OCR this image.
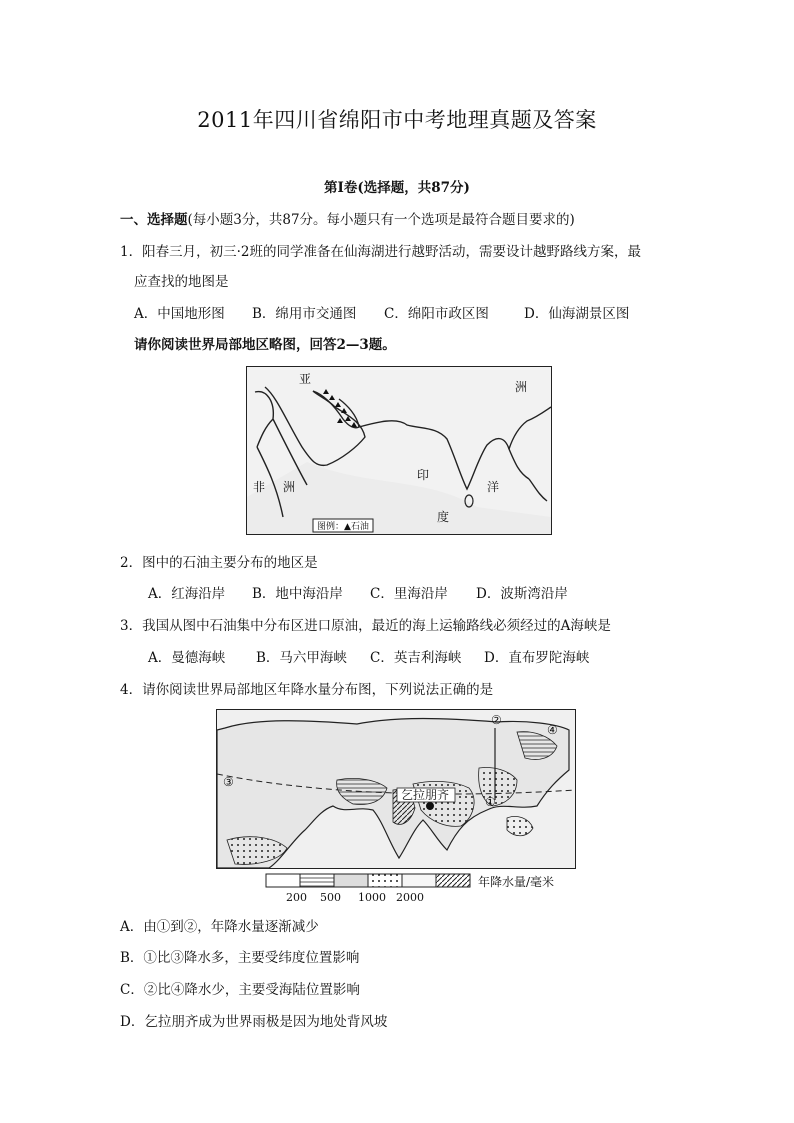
2011年四川省绵阳市中考地理真题及答案
第Ⅰ卷(选择题，共87分)
一、选择题(每小题3分，共87分。每小题只有一个选项是最符合题目要求的)
1．阳春三月，初三·2班的同学准备在仙海湖进行越野活动，需要设计越野路线方案，最
应查找的地图是
A．中国地形图 B．绵用市交通图 C．绵阳市政区图	D．仙海湖景区图
请你阅读世界局部地区略图，回答2—3题。
亚
洲
非 洲
印
洋
度
图例：▲石油
2．图中的石油主要分布的地区是
A．红海沿岸 B．地中海沿岸 C．里海沿岸 D．波斯湾沿岸
3．我国从图中石油集中分布区进口原油，最近的海上运输路线必须经过的A海峡是
A．曼德海峡 B．马六甲海峡 C．英吉利海峡 D．直布罗陀海峡
4．请你阅读世界局部地区年降水量分布图，下列说法正确的是
②
①
③
④
乞拉朋齐
200 500 1000 2000
年降水量/毫米
A．由①到②，年降水量逐渐减少
B．①比③降水多，主要受纬度位置影响
C．②比④降水少，主要受海陆位置影响
D．乞拉朋齐成为世界雨极是因为地处背风坡
